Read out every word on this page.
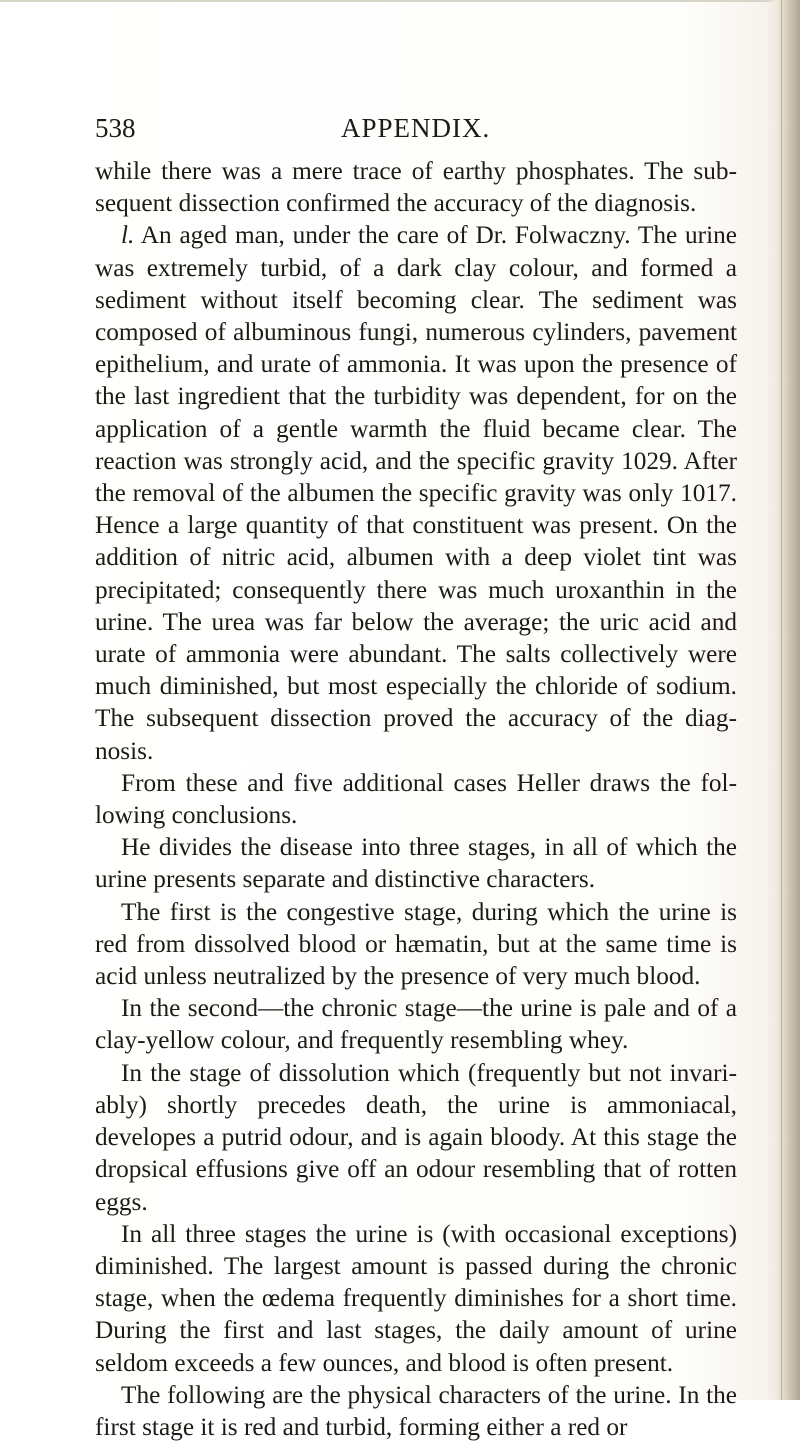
538	APPENDIX.

while there was a mere trace of earthy phosphates. The subsequent dissection confirmed the accuracy of the diagnosis.

l. An aged man, under the care of Dr. Folwaczny. The urine was extremely turbid, of a dark clay colour, and formed a sediment without itself becoming clear. The sediment was composed of albuminous fungi, numerous cylinders, pavement epithelium, and urate of ammonia. It was upon the presence of the last ingredient that the turbidity was dependent, for on the application of a gentle warmth the fluid became clear. The reaction was strongly acid, and the specific gravity 1029. After the removal of the albumen the specific gravity was only 1017. Hence a large quantity of that constituent was present. On the addition of nitric acid, albumen with a deep violet tint was precipitated; consequently there was much uroxanthin in the urine. The urea was far below the average; the uric acid and urate of ammonia were abundant. The salts collectively were much diminished, but most especially the chloride of sodium. The subsequent dissection proved the accuracy of the diagnosis.

From these and five additional cases Heller draws the following conclusions.

He divides the disease into three stages, in all of which the urine presents separate and distinctive characters.

The first is the congestive stage, during which the urine is red from dissolved blood or hæmatin, but at the same time is acid unless neutralized by the presence of very much blood.

In the second—the chronic stage—the urine is pale and of a clay-yellow colour, and frequently resembling whey.

In the stage of dissolution which (frequently but not invariably) shortly precedes death, the urine is ammoniacal, developes a putrid odour, and is again bloody. At this stage the dropsical effusions give off an odour resembling that of rotten eggs.

In all three stages the urine is (with occasional exceptions) diminished. The largest amount is passed during the chronic stage, when the œdema frequently diminishes for a short time. During the first and last stages, the daily amount of urine seldom exceeds a few ounces, and blood is often present.

The following are the physical characters of the urine. In the first stage it is red and turbid, forming either a red or
